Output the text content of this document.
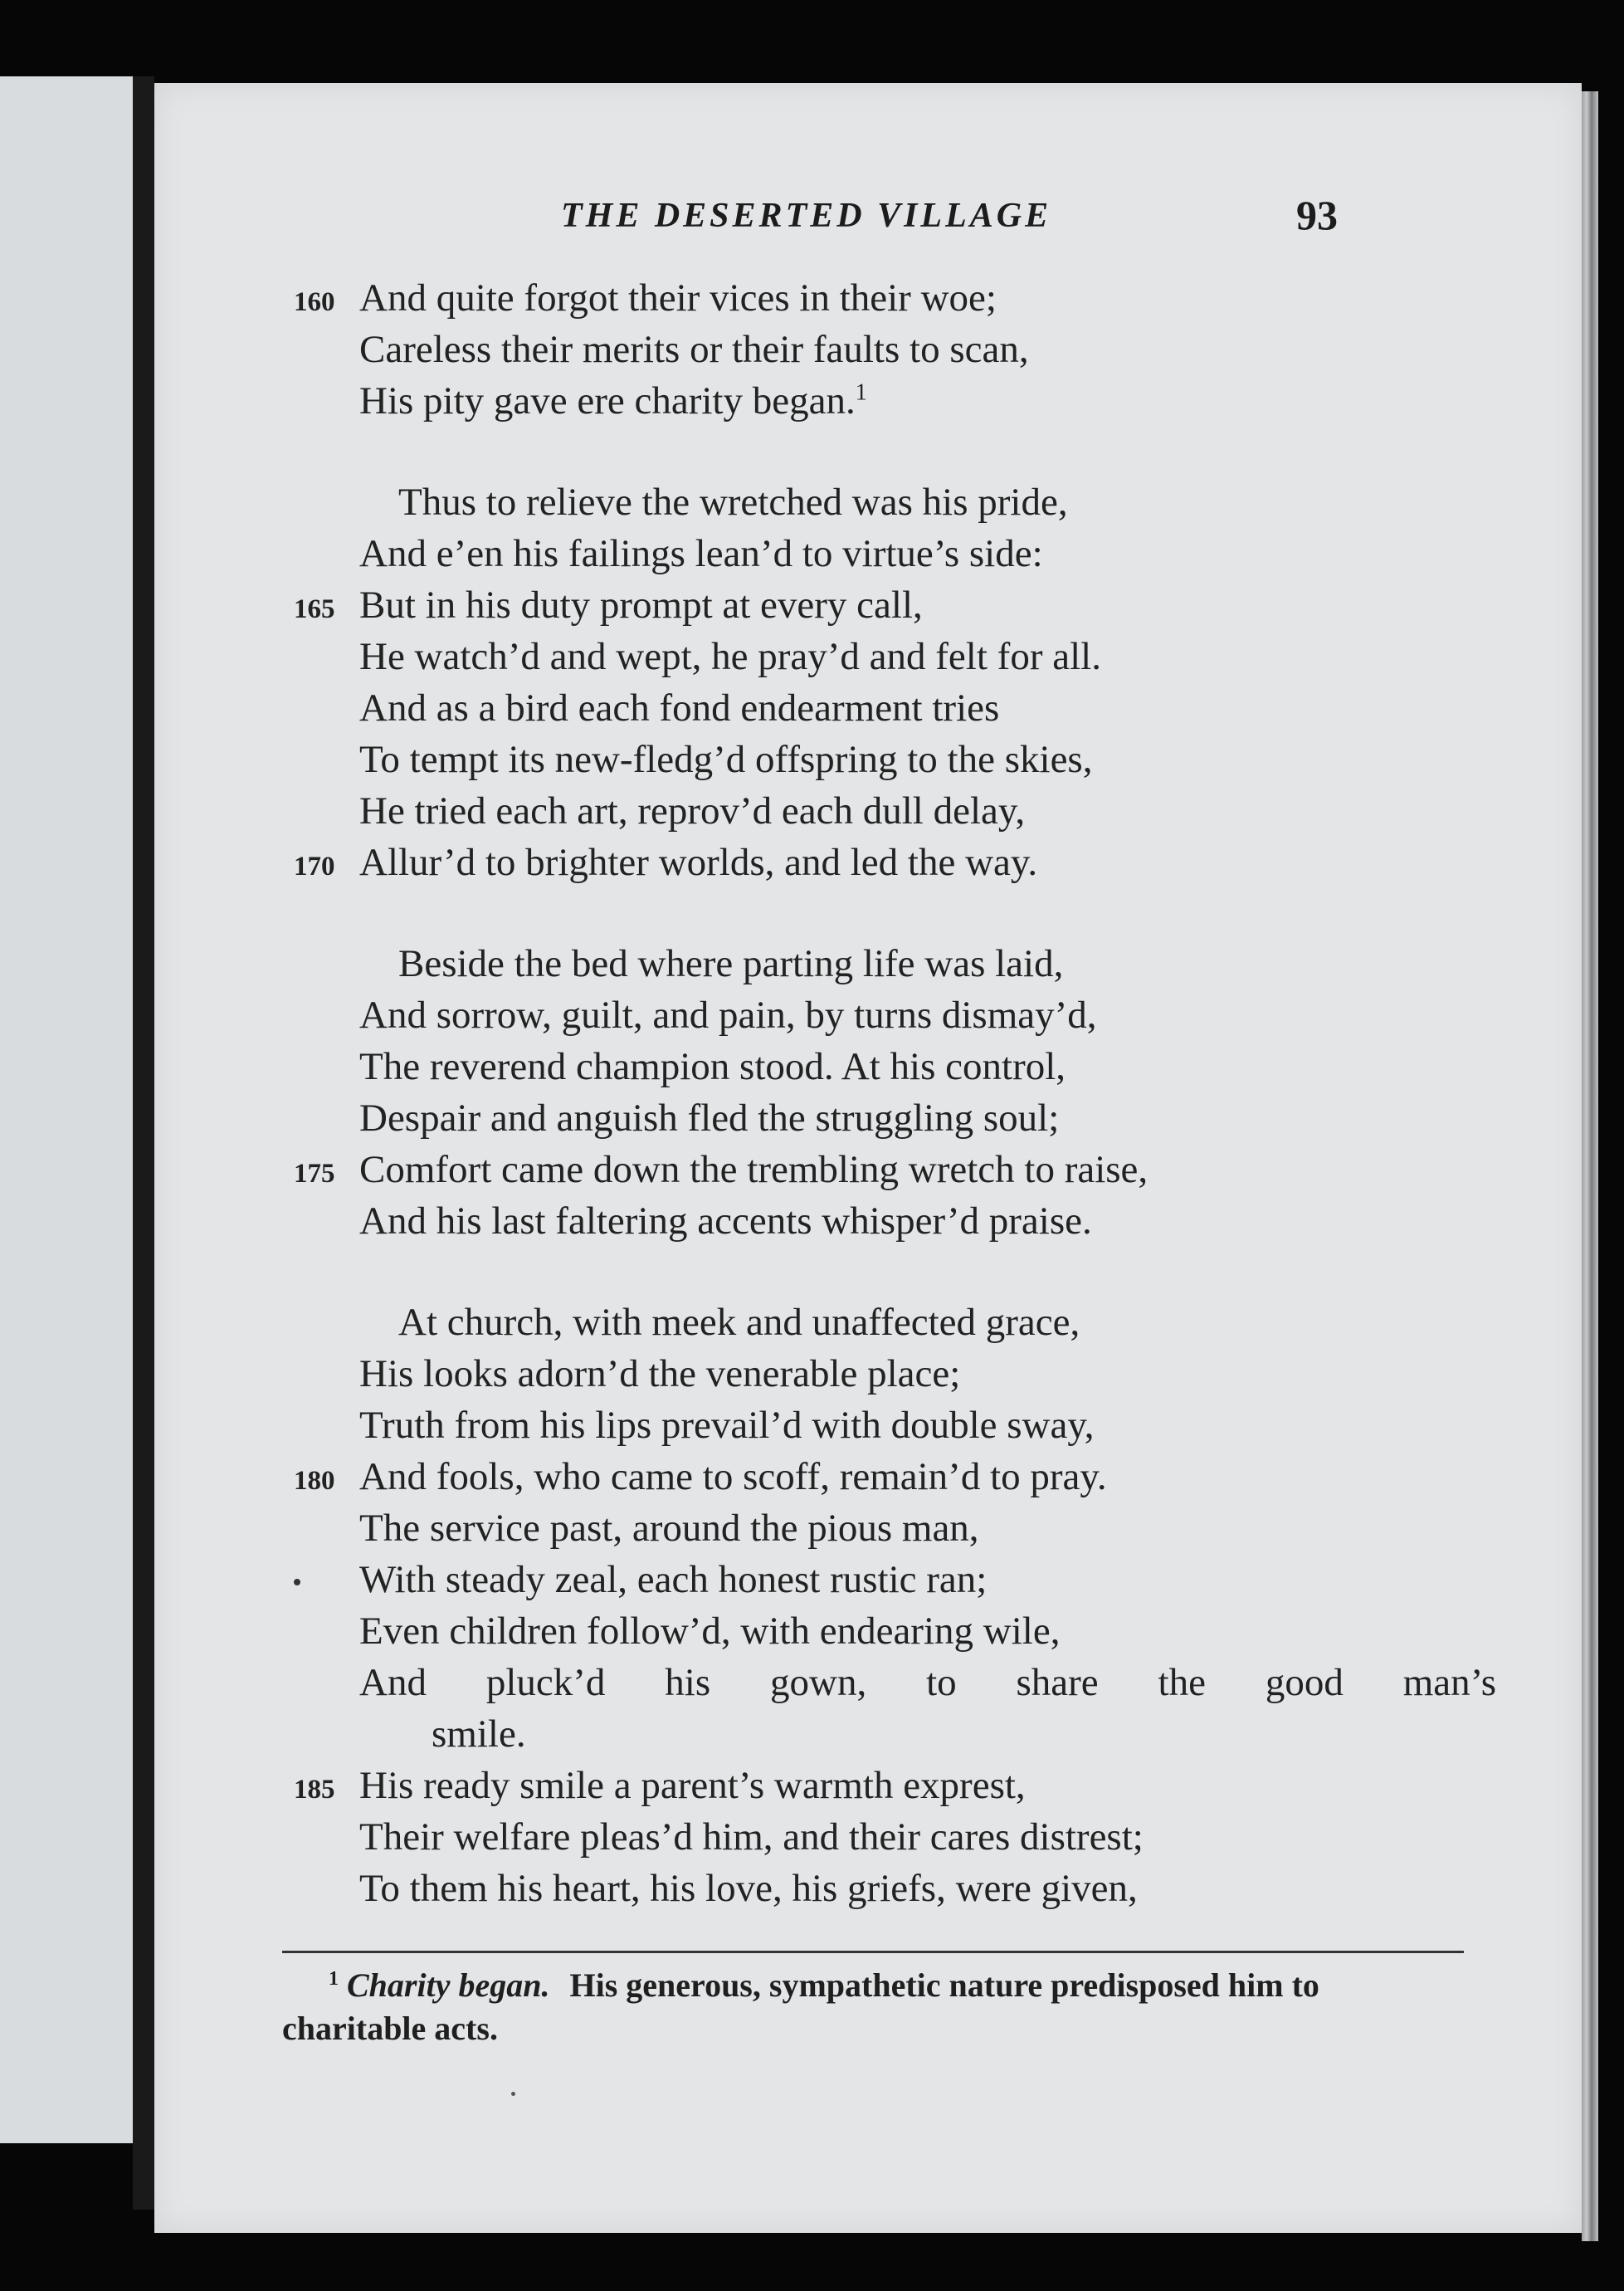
THE DESERTED VILLAGE	93
160 And quite forgot their vices in their woe;
Careless their merits or their faults to scan,
His pity gave ere charity began.$^1$
Thus to relieve the wretched was his pride,
And e’en his failings lean’d to virtue’s side:
165 But in his duty prompt at every call,
He watch’d and wept, he pray’d and felt for all.
And as a bird each fond endearment tries
To tempt its new-fledg’d offspring to the skies,
He tried each art, reprov’d each dull delay,
170 Allur’d to brighter worlds, and led the way.
Beside the bed where parting life was laid,
And sorrow, guilt, and pain, by turns dismay’d,
The reverend champion stood. At his control,
Despair and anguish fled the struggling soul;
175 Comfort came down the trembling wretch to raise,
And his last faltering accents whisper’d praise.
At church, with meek and unaffected grace,
His looks adorn’d the venerable place;
Truth from his lips prevail’d with double sway,
180 And fools, who came to scoff, remain’d to pray.
The service past, around the pious man,
With steady zeal, each honest rustic ran;
Even children follow’d, with endearing wile,
And pluck’d his gown, to share the good man’s
smile.
185 His ready smile a parent’s warmth exprest,
Their welfare pleas’d him, and their cares distrest;
To them his heart, his love, his griefs, were given,
$^1$ Charity began. His generous, sympathetic nature predisposed him to charitable acts.
